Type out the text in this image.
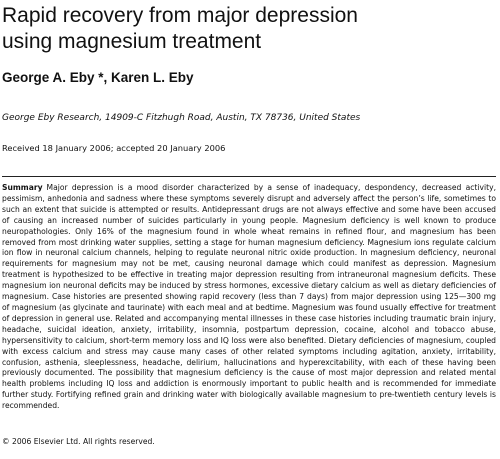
Rapid recovery from major depression
using magnesium treatment

George A. Eby *, Karen L. Eby

George Eby Research, 14909-C Fitzhugh Road, Austin, TX 78736, United States

Received 18 January 2006; accepted 20 January 2006

Summary Major depression is a mood disorder characterized by a sense of inadequacy, despondency, decreased activity, pessimism, anhedonia and sadness where these symptoms severely disrupt and adversely affect the person’s life, sometimes to such an extent that suicide is attempted or results. Antidepressant drugs are not always effective and some have been accused of causing an increased number of suicides particularly in young people. Magnesium deficiency is well known to produce neuropathologies. Only 16% of the magnesium found in whole wheat remains in refined flour, and magnesium has been removed from most drinking water supplies, setting a stage for human magnesium deficiency. Magnesium ions regulate calcium ion flow in neuronal calcium channels, helping to regulate neuronal nitric oxide production. In magnesium deficiency, neuronal requirements for magnesium may not be met, causing neuronal damage which could manifest as depression. Magnesium treatment is hypothesized to be effective in treating major depression resulting from intraneuronal magnesium deficits. These magnesium ion neuronal deficits may be induced by stress hormones, excessive dietary calcium as well as dietary deficiencies of magnesium. Case histories are presented showing rapid recovery (less than 7 days) from major depression using 125—300 mg of magnesium (as glycinate and taurinate) with each meal and at bedtime. Magnesium was found usually effective for treatment of depression in general use. Related and accompanying mental illnesses in these case histories including traumatic brain injury, headache, suicidal ideation, anxiety, irritability, insomnia, postpartum depression, cocaine, alcohol and tobacco abuse, hypersensitivity to calcium, short-term memory loss and IQ loss were also benefited. Dietary deficiencies of magnesium, coupled with excess calcium and stress may cause many cases of other related symptoms including agitation, anxiety, irritability, confusion, asthenia, sleeplessness, headache, delirium, hallucinations and hyperexcitability, with each of these having been previously documented. The possibility that magnesium deficiency is the cause of most major depression and related mental health problems including IQ loss and addiction is enormously important to public health and is recommended for immediate further study. Fortifying refined grain and drinking water with biologically available magnesium to pre-twentieth century levels is recommended.

© 2006 Elsevier Ltd. All rights reserved.
